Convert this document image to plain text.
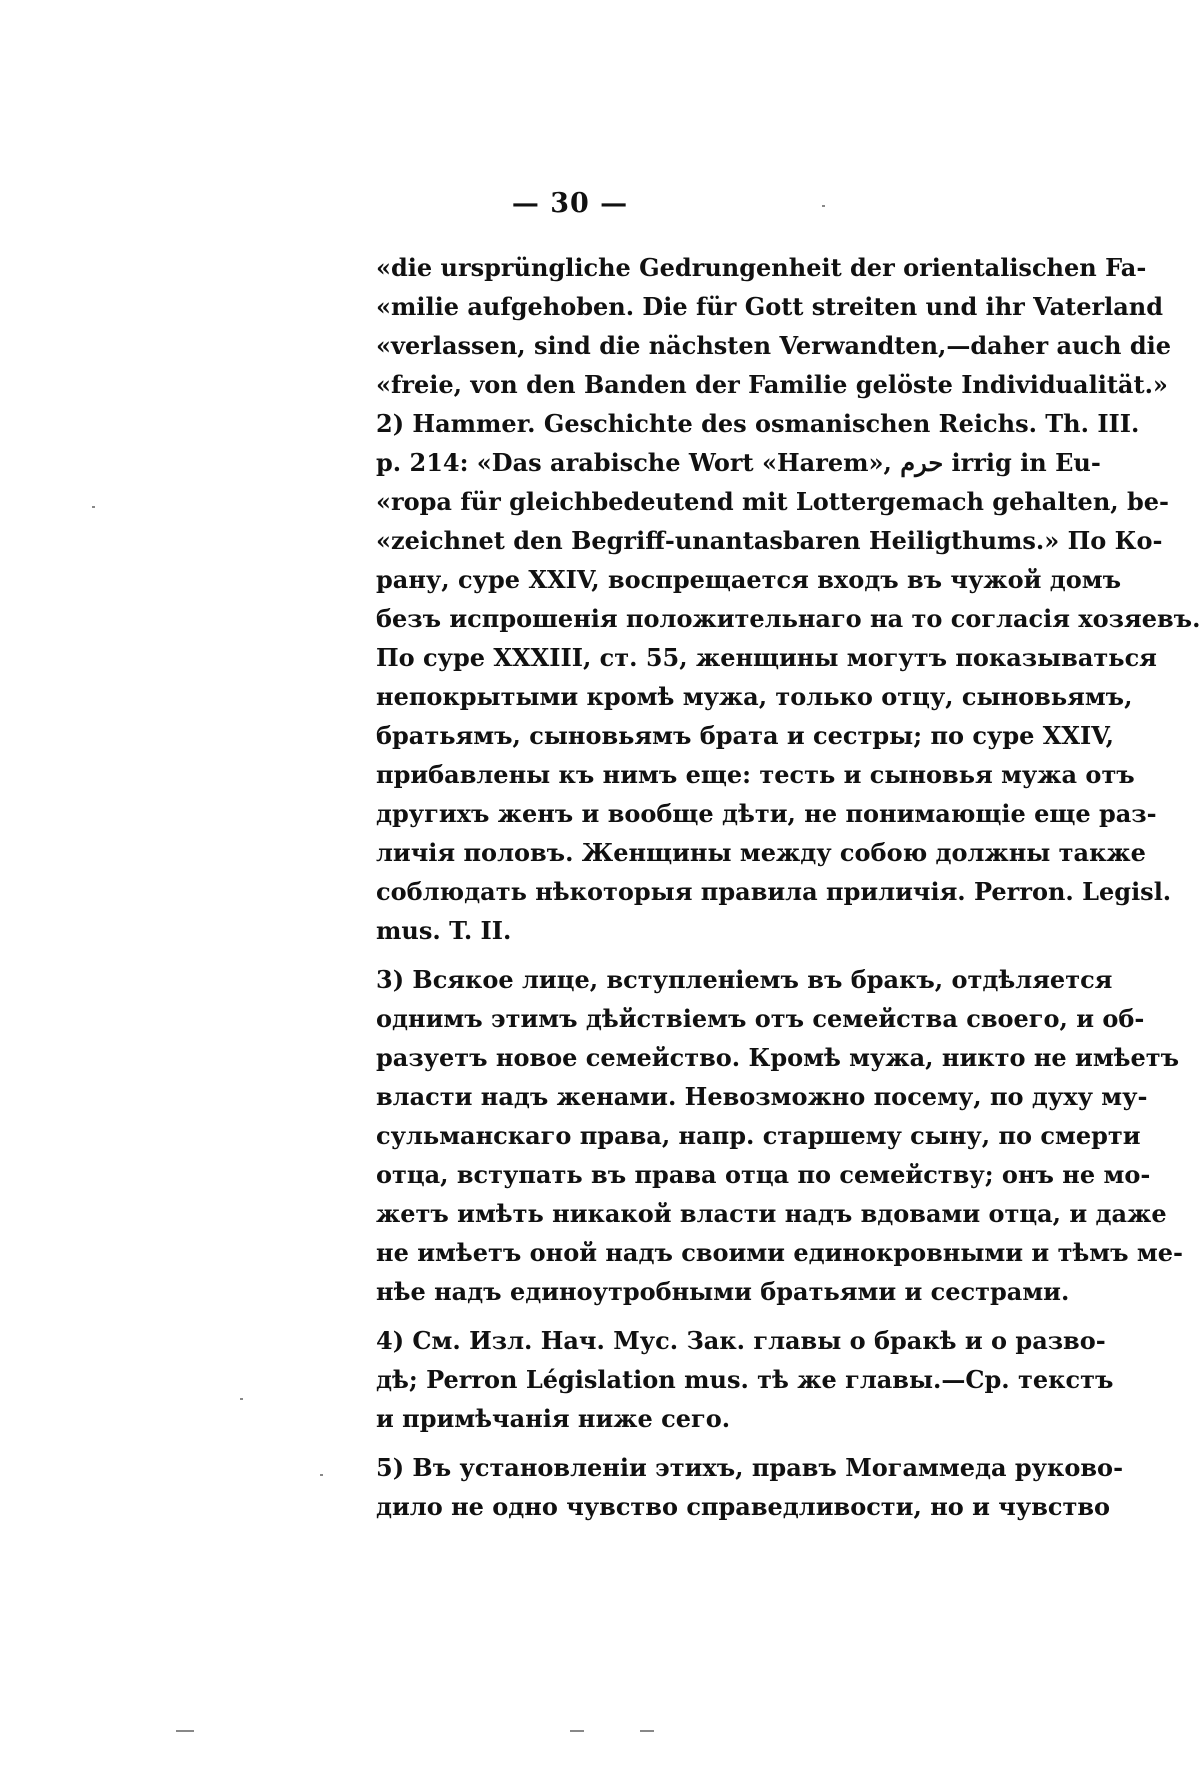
— 30 —
«die ursprüngliche Gedrungenheit der orientalischen Fa-
«milie aufgehoben. Die für Gott streiten und ihr Vaterland
«verlassen, sind die nächsten Verwandten,—daher auch die
«freie, von den Banden der Familie gelöste Individualität.»
2) Hammer. Geschichte des osmanischen Reichs. Th. III.
p. 214: «Das arabische Wort «Harem», حرم irrig in Eu-
«ropa für gleichbedeutend mit Lottergemach gehalten, be-
«zeichnet den Begriff-unantasbaren Heiligthums.» По Ко-
рану, суре XXIV, воспрещается входъ въ чужой домъ
безъ испрошенія положительнаго на то согласія хозяевъ.
По суре XXXIII, ст. 55, женщины могутъ показываться
непокрытыми кромѣ мужа, только отцу, сыновьямъ,
братьямъ, сыновьямъ брата и сестры; по суре XXIV,
прибавлены къ нимъ еще: тесть и сыновья мужа отъ
другихъ женъ и вообще дѣти, не понимающіе еще раз-
личія половъ. Женщины между собою должны также
соблюдать нѣкоторыя правила приличія. Perron. Legisl.
mus. T. II.
3) Всякое лице, вступленіемъ въ бракъ, отдѣляется
однимъ этимъ дѣйствіемъ отъ семейства своего, и об-
разуетъ новое семейство. Кромѣ мужа, никто не имѣетъ
власти надъ женами. Невозможно посему, по духу му-
сульманскаго права, напр. старшему сыну, по смерти
отца, вступать въ права отца по семейству; онъ не мо-
жетъ имѣть никакой власти надъ вдовами отца, и даже
не имѣетъ оной надъ своими единокровными и тѣмъ ме-
нѣе надъ единоутробными братьями и сестрами.
4) См. Изл. Нач. Мус. Зак. главы о бракѣ и о разво-
дѣ; Perron Législation mus. тѣ же главы.—Ср. текстъ
и примѣчанія ниже сего.
5) Въ установленіи этихъ, правъ Могаммеда руково-
дило не одно чувство справедливости, но и чувство
